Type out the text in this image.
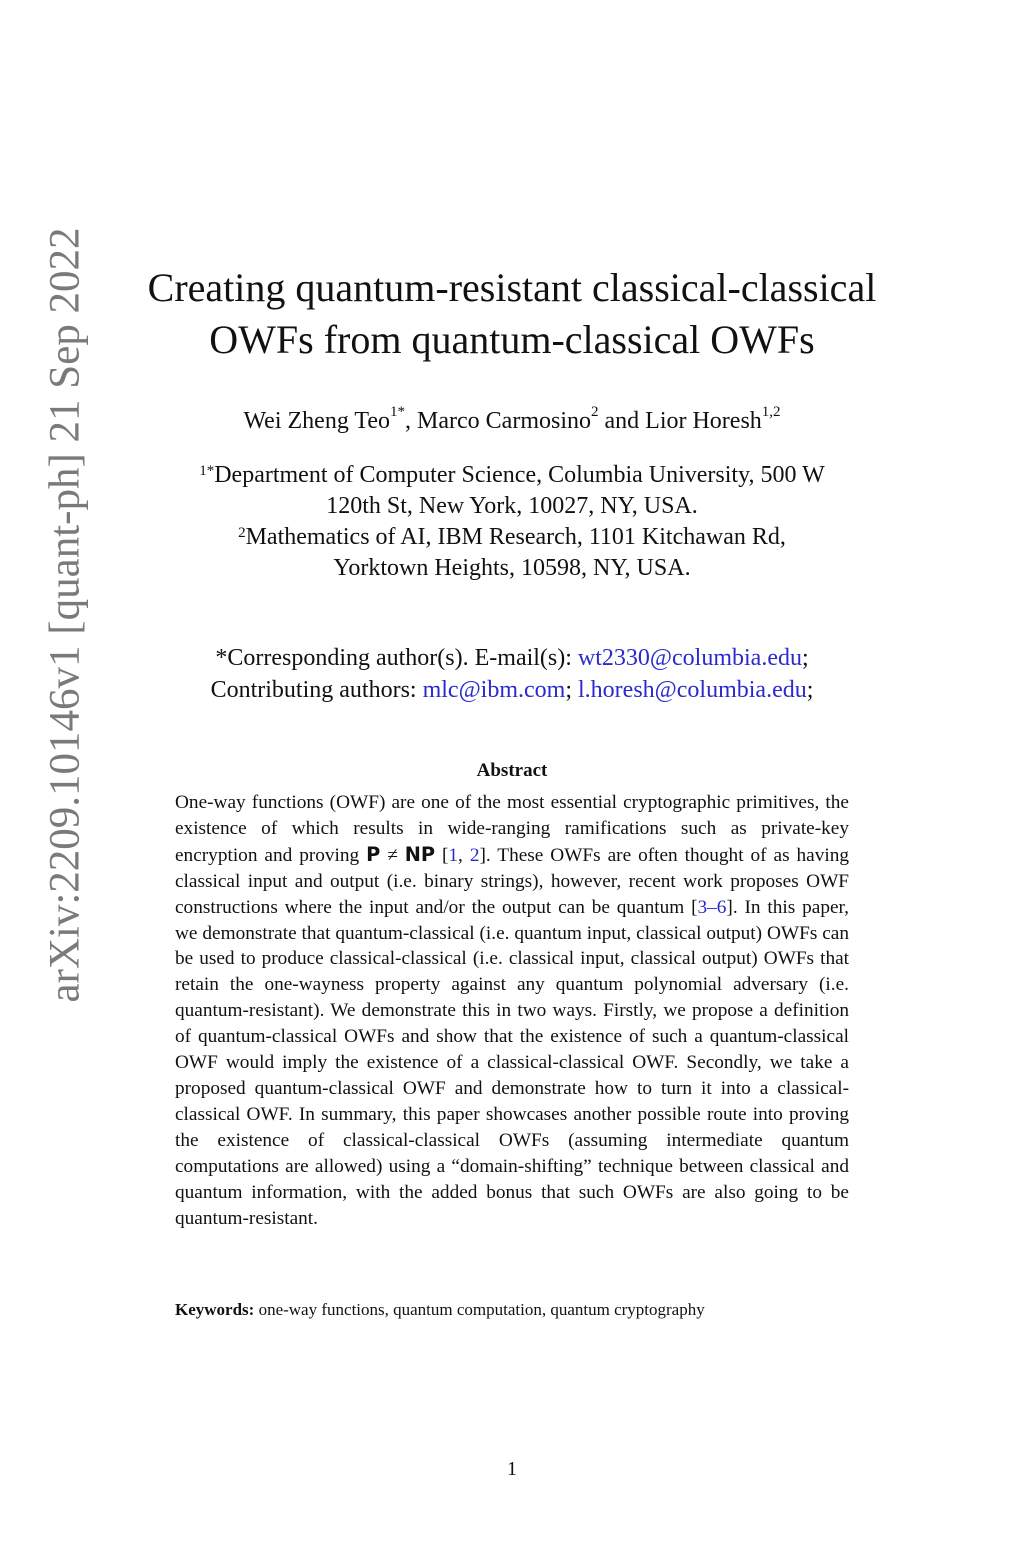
arXiv:2209.10146v1 [quant-ph] 21 Sep 2022	Creating quantum-resistant classical-classical
OWFs from quantum-classical OWFs
Wei Zheng Teo$^{1*}$, Marco Carmosino$^2$ and Lior Horesh$^{1,2}$
$^{1*}$Department of Computer Science, Columbia University, 500 W
120th St, New York, 10027, NY, USA.
$^2$Mathematics of AI, IBM Research, 1101 Kitchawan Rd,
Yorktown Heights, 10598, NY, USA.
*Corresponding author(s). E-mail(s): wt2330@columbia.edu;
Contributing authors: mlc@ibm.com; l.horesh@columbia.edu;
Abstract
One-way functions (OWF) are one of the most essential cryptographic primitives, the existence of which results in wide-ranging ramifications such as private-key encryption and proving P ≠ NP [1, 2]. These OWFs are often thought of as having classical input and output (i.e. binary strings), however, recent work proposes OWF constructions where the input and/or the output can be quantum [3–6]. In this paper, we demonstrate that quantum-classical (i.e. quantum input, classical output) OWFs can be used to produce classical-classical (i.e. classical input, classical output) OWFs that retain the one-wayness property against any quantum polynomial adversary (i.e. quantum-resistant). We demonstrate this in two ways. Firstly, we propose a definition of quantum-classical OWFs and show that the existence of such a quantum-classical OWF would imply the existence of a classical-classical OWF. Secondly, we take a proposed quantum-classical OWF and demonstrate how to turn it into a classical-classical OWF. In summary, this paper showcases another possible route into proving the existence of classical-classical OWFs (assuming intermediate quantum computations are allowed) using a “domain-shifting” technique between classical and quantum information, with the added bonus that such OWFs are also going to be quantum-resistant.
Keywords: one-way functions, quantum computation, quantum cryptography
1
